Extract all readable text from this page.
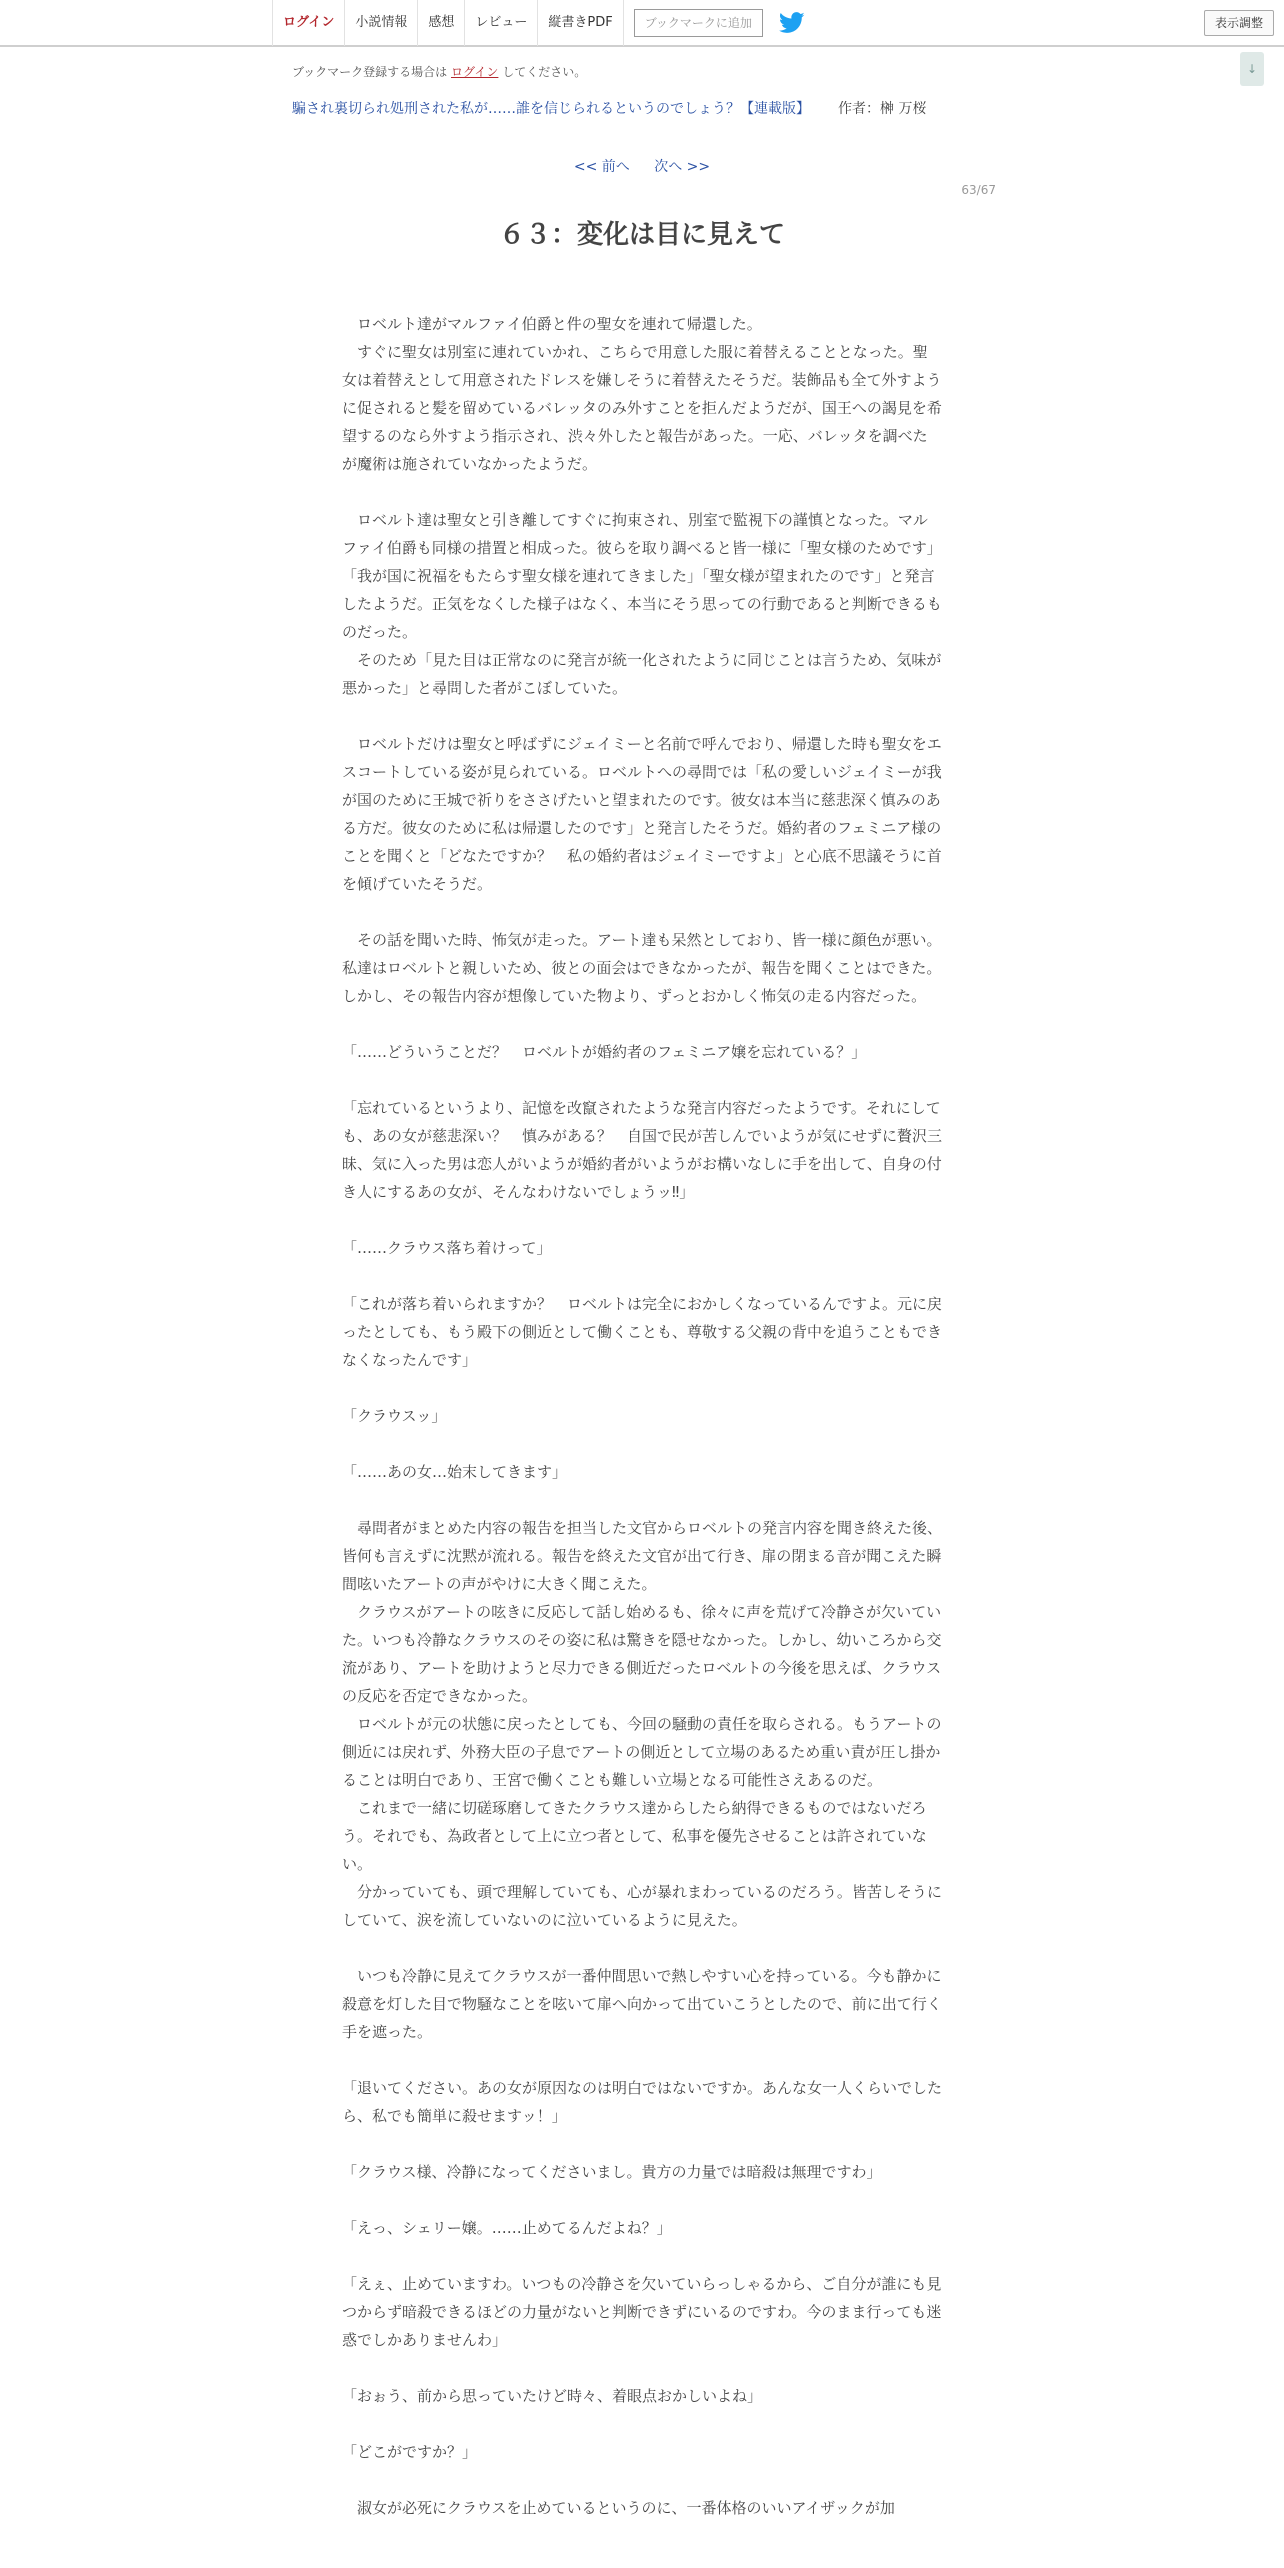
ログイン	小説情報	感想	レビュー	縦書きPDF	ブックマークに追加	表示調整
↓
ブックマーク登録する場合は ログイン してください。
騙され裏切られ処刑された私が……誰を信じられるというのでしょう？【連載版】 作者：榊 万桜
<< 前へ 次へ >>
63/67
６３：変化は目に見えて

　ロベルト達がマルファイ伯爵と件の聖女を連れて帰還した。

　すぐに聖女は別室に連れていかれ、こちらで用意した服に着替えることとなった。聖女は着替えとして用意されたドレスを嫌しそうに着替えたそうだ。装飾品も全て外すように促されると髪を留めているバレッタのみ外すことを拒んだようだが、国王への謁見を希望するのなら外すよう指示され、渋々外したと報告があった。一応、バレッタを調べたが魔術は施されていなかったようだ。

　ロベルト達は聖女と引き離してすぐに拘束され、別室で監視下の謹慎となった。マルファイ伯爵も同様の措置と相成った。彼らを取り調べると皆一様に「聖女様のためです」「我が国に祝福をもたらす聖女様を連れてきました」「聖女様が望まれたのです」と発言したようだ。正気をなくした様子はなく、本当にそう思っての行動であると判断できるものだった。

　そのため「見た目は正常なのに発言が統一化されたように同じことは言うため、気味が悪かった」と尋問した者がこぼしていた。

　ロベルトだけは聖女と呼ばずにジェイミーと名前で呼んでおり、帰還した時も聖女をエスコートしている姿が見られている。ロベルトへの尋問では「私の愛しいジェイミーが我が国のために王城で祈りをささげたいと望まれたのです。彼女は本当に慈悲深く慎みのある方だ。彼女のために私は帰還したのです」と発言したそうだ。婚約者のフェミニア様のことを聞くと「どなたですか？　私の婚約者はジェイミーですよ」と心底不思議そうに首を傾げていたそうだ。

　その話を聞いた時、怖気が走った。アート達も呆然としており、皆一様に顔色が悪い。私達はロベルトと親しいため、彼との面会はできなかったが、報告を聞くことはできた。しかし、その報告内容が想像していた物より、ずっとおかしく怖気の走る内容だった。

「……どういうことだ？　ロベルトが婚約者のフェミニア嬢を忘れている？」

「忘れているというより、記憶を改竄されたような発言内容だったようです。それにしても、あの女が慈悲深い？　慎みがある？　自国で民が苦しんでいようが気にせずに贅沢三昧、気に入った男は恋人がいようが婚約者がいようがお構いなしに手を出して、自身の付き人にするあの女が、そんなわけないでしょうッ‼」

「……クラウス落ち着けって」

「これが落ち着いられますか？　ロベルトは完全におかしくなっているんですよ。元に戻ったとしても、もう殿下の側近として働くことも、尊敬する父親の背中を追うこともできなくなったんです」

「クラウスッ」

「……あの女…始末してきます」

　尋問者がまとめた内容の報告を担当した文官からロベルトの発言内容を聞き終えた後、皆何も言えずに沈黙が流れる。報告を終えた文官が出て行き、扉の閉まる音が聞こえた瞬間呟いたアートの声がやけに大きく聞こえた。

　クラウスがアートの呟きに反応して話し始めるも、徐々に声を荒げて冷静さが欠いていた。いつも冷静なクラウスのその姿に私は驚きを隠せなかった。しかし、幼いころから交流があり、アートを助けようと尽力できる側近だったロベルトの今後を思えば、クラウスの反応を否定できなかった。

　ロベルトが元の状態に戻ったとしても、今回の騒動の責任を取らされる。もうアートの側近には戻れず、外務大臣の子息でアートの側近として立場のあるため重い責が圧し掛かることは明白であり、王宮で働くことも難しい立場となる可能性さえあるのだ。

　これまで一緒に切磋琢磨してきたクラウス達からしたら納得できるものではないだろう。それでも、為政者として上に立つ者として、私事を優先させることは許されていない。

　分かっていても、頭で理解していても、心が暴れまわっているのだろう。皆苦しそうにしていて、涙を流していないのに泣いているように見えた。

　いつも冷静に見えてクラウスが一番仲間思いで熱しやすい心を持っている。今も静かに殺意を灯した目で物騒なことを呟いて扉へ向かって出ていこうとしたので、前に出て行く手を遮った。

「退いてください。あの女が原因なのは明白ではないですか。あんな女一人くらいでしたら、私でも簡単に殺せますッ！」

「クラウス様、冷静になってくださいまし。貴方の力量では暗殺は無理ですわ」

「えっ、シェリー嬢。……止めてるんだよね？」

「えぇ、止めていますわ。いつもの冷静さを欠いていらっしゃるから、ご自分が誰にも見つからず暗殺できるほどの力量がないと判断できずにいるのですわ。今のまま行っても迷惑でしかありませんわ」

「おぉう、前から思っていたけど時々、着眼点おかしいよね」

「どこがですか？」

　淑女が必死にクラウスを止めているというのに、一番体格のいいアイザックが加
